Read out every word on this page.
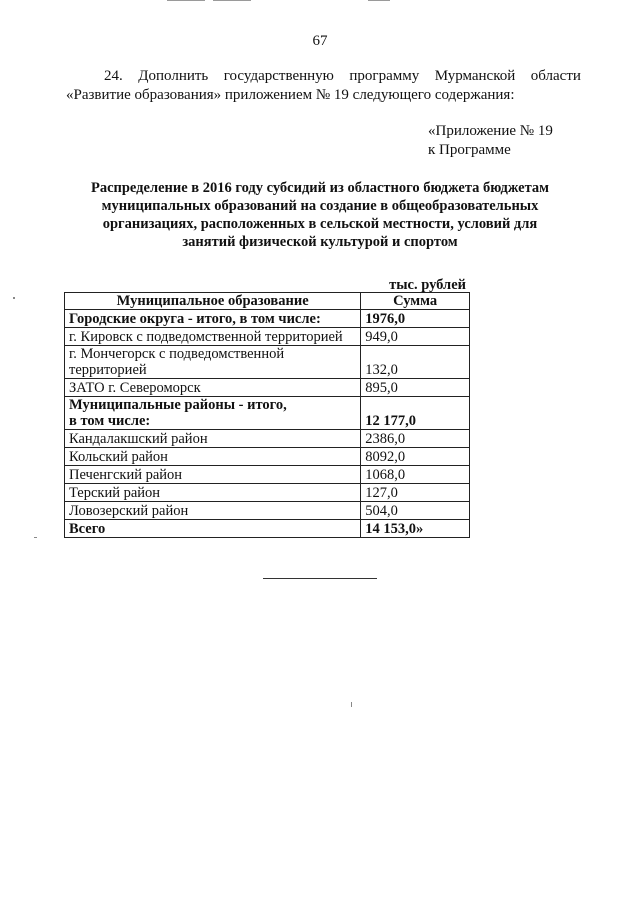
67
24. Дополнить государственную программу Мурманской области
«Развитие образования» приложением № 19 следующего содержания:
«Приложение № 19
к Программе
Распределение в 2016 году субсидий из областного бюджета бюджетам
муниципальных образований на создание в общеобразовательных
организациях, расположенных в сельской местности, условий для
занятий физической культурой и спортом
тыс. рублей
Муниципальное образование	Сумма
Городские округа - итого, в том числе:	1976,0
г. Кировск с подведомственной территорией	949,0

г. Мончегорск с подведомственной
территорией	132,0
ЗАТО г. Североморск	895,0

Муниципальные районы - итого,
в том числе:	12 177,0
Кандалакшский район	2386,0
Кольский район	8092,0
Печенгский район	1068,0
Терский район	127,0
Ловозерский район	504,0
Всего	14 153,0»
